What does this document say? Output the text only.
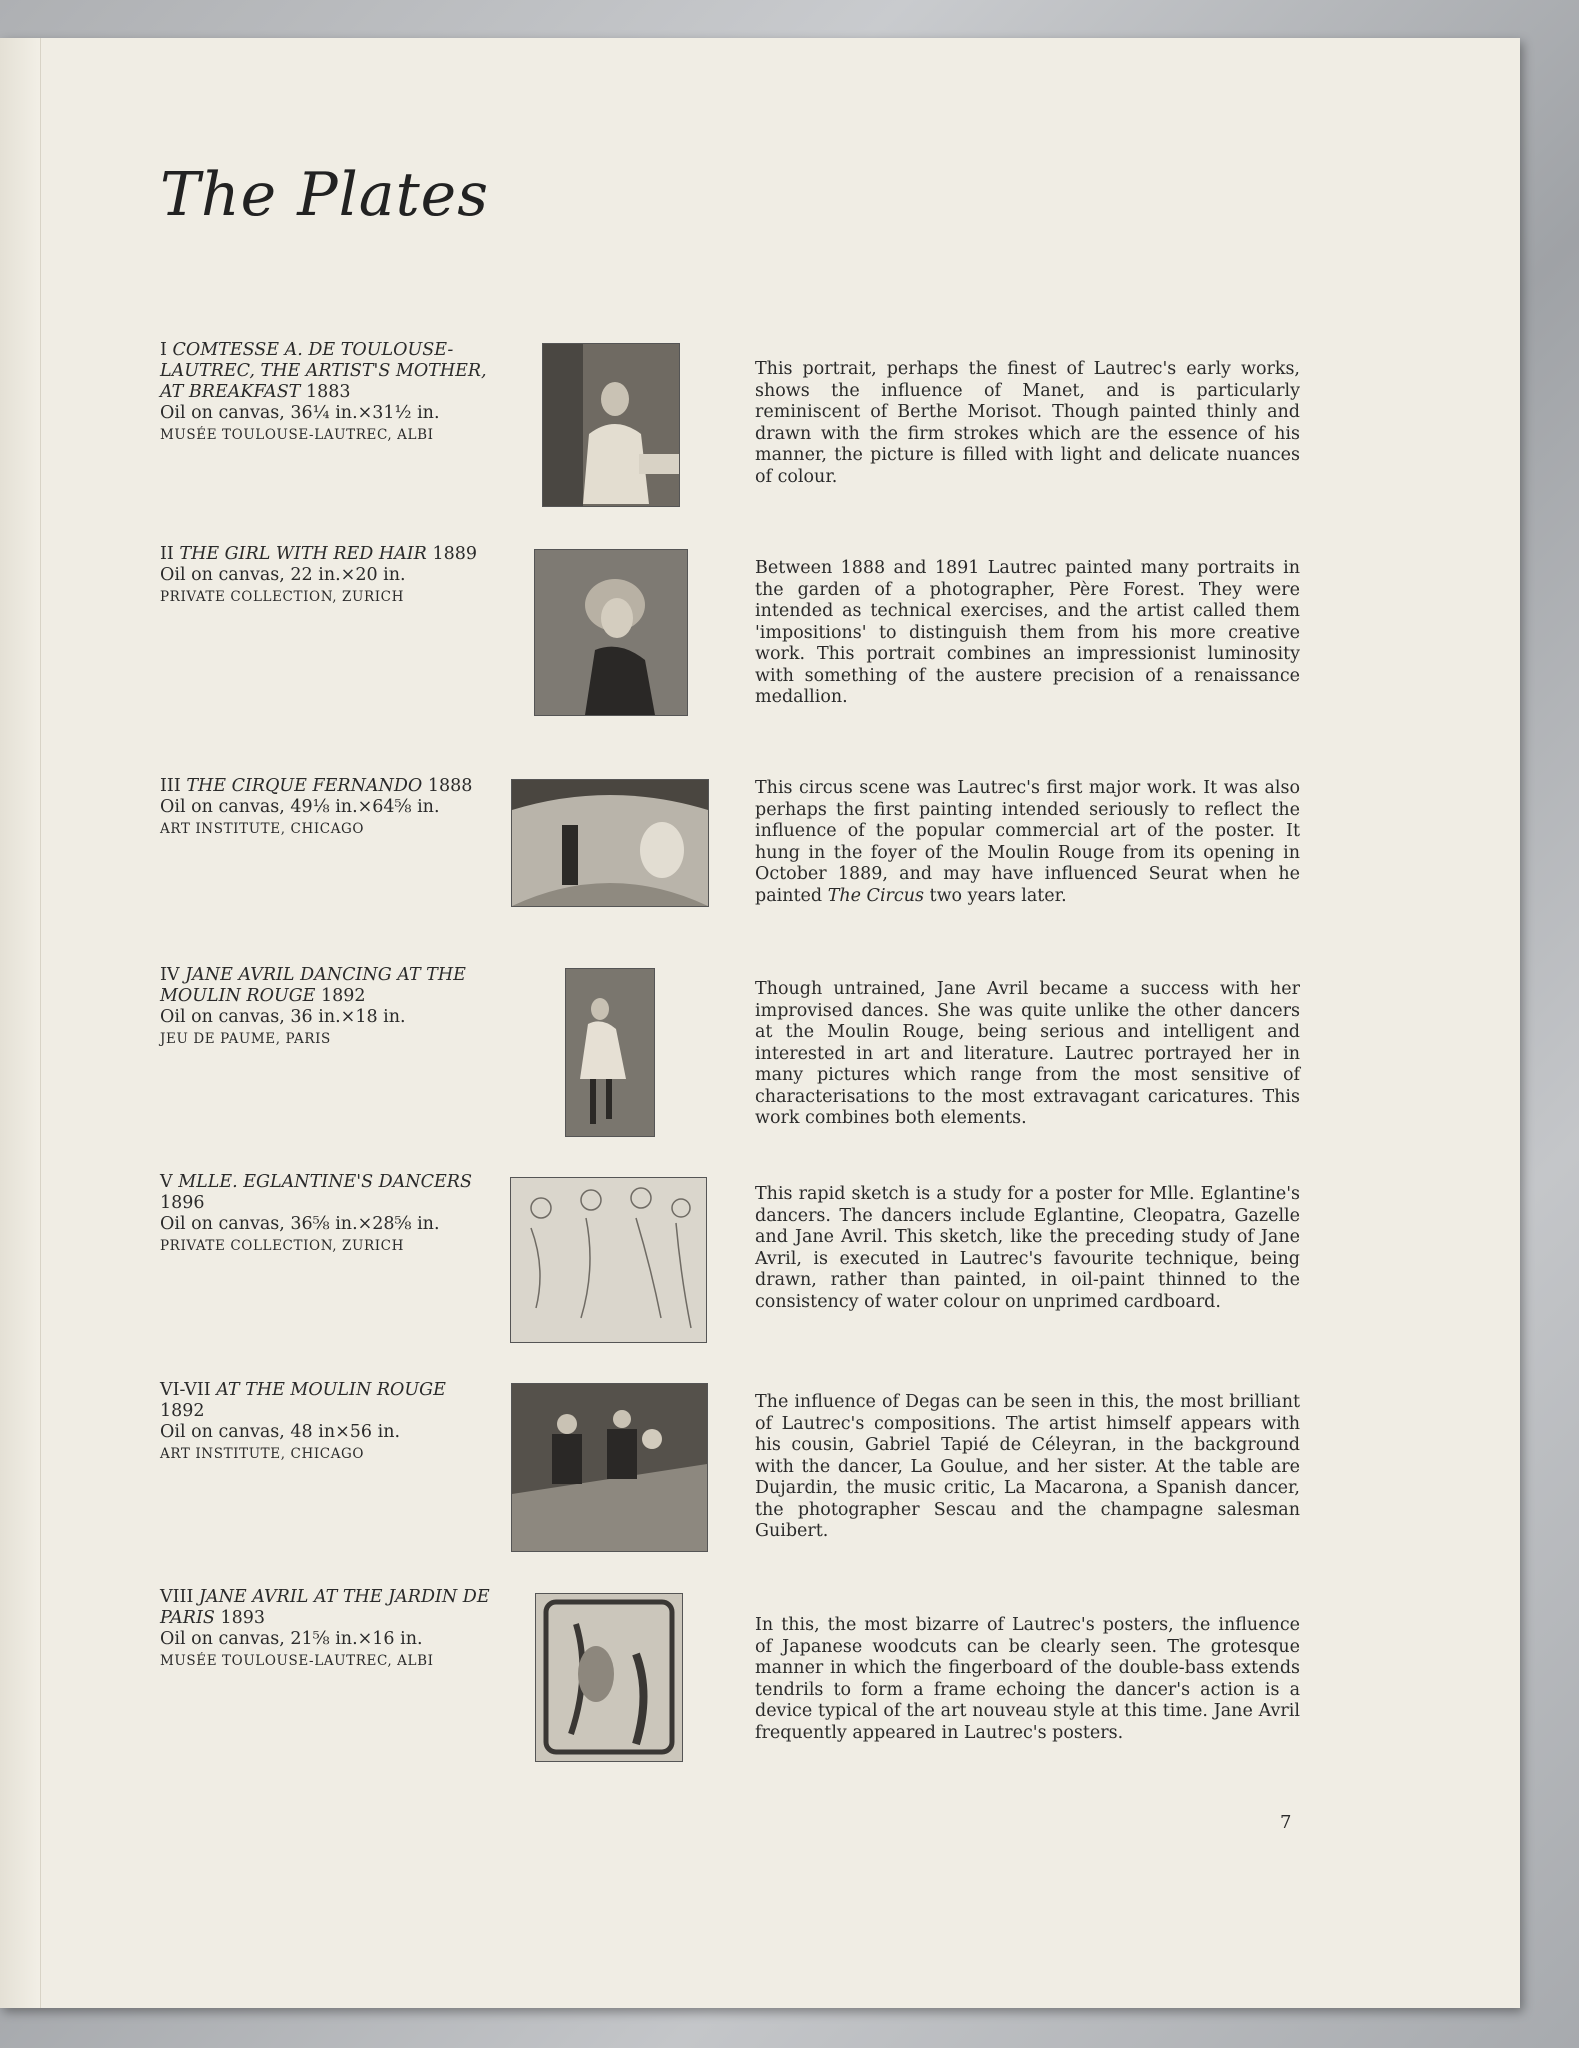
The Plates
I COMTESSE A. DE TOULOUSE-LAUTREC, THE ARTIST'S MOTHER, AT BREAKFAST 1883
Oil on canvas, 36¼ in.×31½ in.
MUSÉE TOULOUSE-LAUTREC, ALBI

This portrait, perhaps the finest of Lautrec's early works, shows the influence of Manet, and is particularly reminiscent of Berthe Morisot. Though painted thinly and drawn with the firm strokes which are the essence of his manner, the picture is filled with light and delicate nuances of colour.

II THE GIRL WITH RED HAIR 1889
Oil on canvas, 22 in.×20 in.
PRIVATE COLLECTION, ZURICH

Between 1888 and 1891 Lautrec painted many portraits in the garden of a photographer, Père Forest. They were intended as technical exercises, and the artist called them 'impositions' to distinguish them from his more creative work. This portrait combines an impressionist luminosity with something of the austere precision of a renaissance medallion.

III THE CIRQUE FERNANDO 1888
Oil on canvas, 49⅛ in.×64⅝ in.
ART INSTITUTE, CHICAGO

This circus scene was Lautrec's first major work. It was also perhaps the first painting intended seriously to reflect the influence of the popular commercial art of the poster. It hung in the foyer of the Moulin Rouge from its opening in October 1889, and may have influenced Seurat when he painted The Circus two years later.

IV JANE AVRIL DANCING AT THE MOULIN ROUGE 1892
Oil on canvas, 36 in.×18 in.
JEU DE PAUME, PARIS

Though untrained, Jane Avril became a success with her improvised dances. She was quite unlike the other dancers at the Moulin Rouge, being serious and intelligent and interested in art and literature. Lautrec portrayed her in many pictures which range from the most sensitive of characterisations to the most extravagant caricatures. This work combines both elements.

V MLLE. EGLANTINE'S DANCERS 1896
Oil on canvas, 36⅝ in.×28⅝ in.
PRIVATE COLLECTION, ZURICH

This rapid sketch is a study for a poster for Mlle. Eglantine's dancers. The dancers include Eglantine, Cleopatra, Gazelle and Jane Avril. This sketch, like the preceding study of Jane Avril, is executed in Lautrec's favourite technique, being drawn, rather than painted, in oil-paint thinned to the consistency of water colour on unprimed cardboard.

VI-VII AT THE MOULIN ROUGE 1892
Oil on canvas, 48 in×56 in.
ART INSTITUTE, CHICAGO

The influence of Degas can be seen in this, the most brilliant of Lautrec's compositions. The artist himself appears with his cousin, Gabriel Tapié de Céleyran, in the background with the dancer, La Goulue, and her sister. At the table are Dujardin, the music critic, La Macarona, a Spanish dancer, the photographer Sescau and the champagne salesman Guibert.

VIII JANE AVRIL AT THE JARDIN DE PARIS 1893
Oil on canvas, 21⅝ in.×16 in.
MUSÉE TOULOUSE-LAUTREC, ALBI

In this, the most bizarre of Lautrec's posters, the influence of Japanese woodcuts can be clearly seen. The grotesque manner in which the fingerboard of the double-bass extends tendrils to form a frame echoing the dancer's action is a device typical of the art nouveau style at this time. Jane Avril frequently appeared in Lautrec's posters.

7
